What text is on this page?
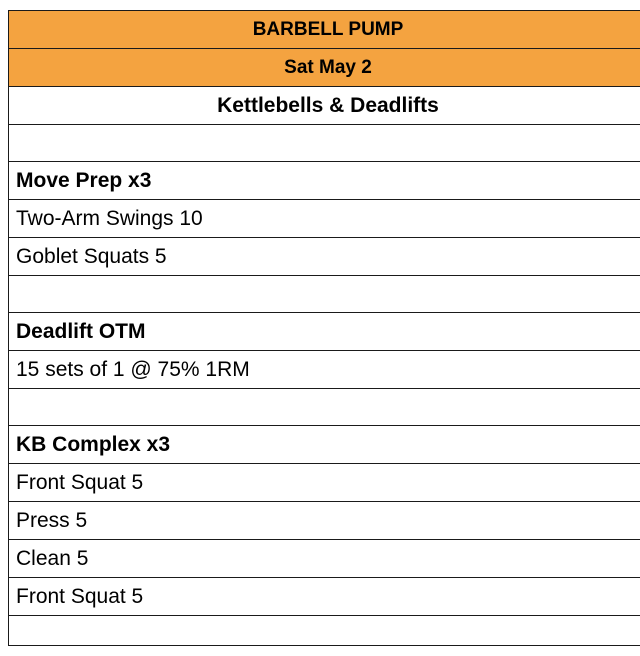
BARBELL PUMP
Sat May 2
Kettlebells & Deadlifts

Move Prep x3
Two-Arm Swings 10
Goblet Squats 5

Deadlift OTM
15 sets of 1 @ 75% 1RM

KB Complex x3
Front Squat 5
Press 5
Clean 5
Front Squat 5
